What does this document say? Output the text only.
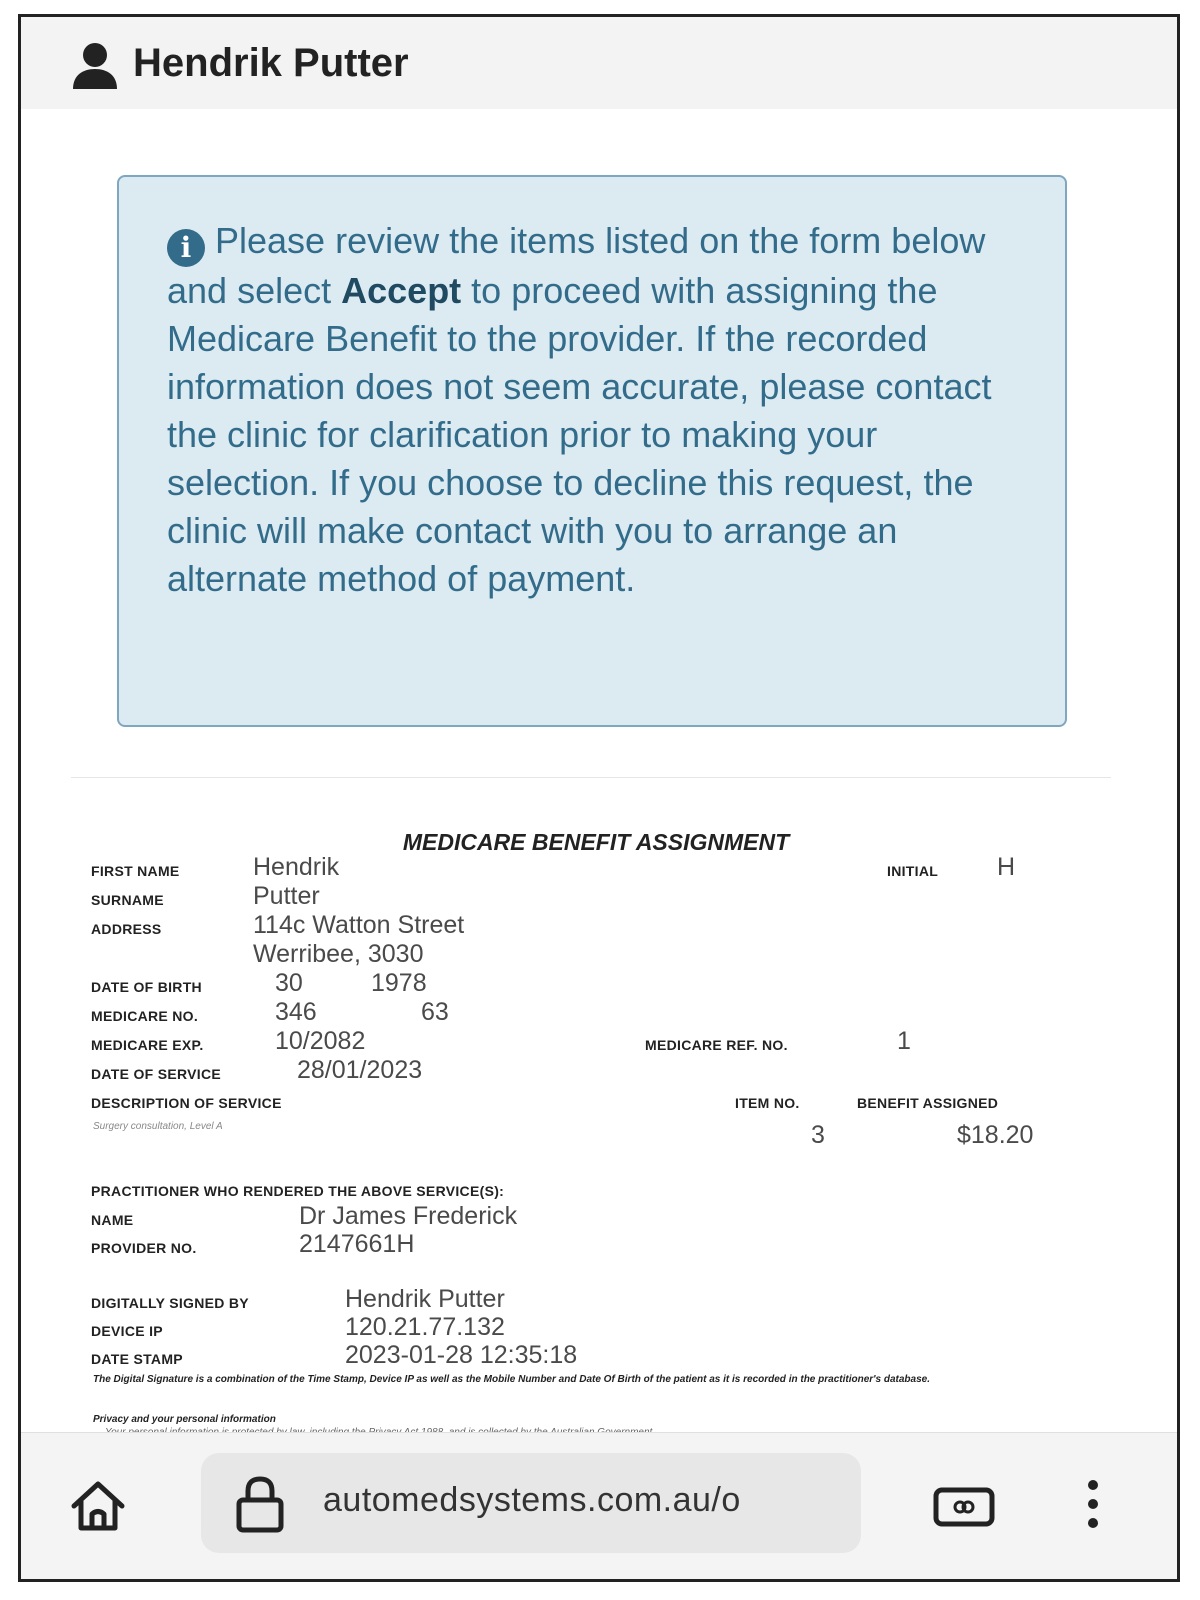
Hendrik Putter
i Please review the items listed on the form below and select Accept to proceed with assigning the Medicare Benefit to the provider. If the recorded information does not seem accurate, please contact the clinic for clarification prior to making your selection. If you choose to decline this request, the clinic will make contact with you to arrange an alternate method of payment.
MEDICARE BENEFIT ASSIGNMENT
FIRST NAME	Hendrik	INITIAL H
SURNAME	Putter
ADDRESS	114c Watton Street
Werribee, 3030
DATE OF BIRTH	30	1978
MEDICARE NO.	346	63
MEDICARE EXP.	10/2082	MEDICARE REF. NO.	1
DATE OF SERVICE	28/01/2023
DESCRIPTION OF SERVICE	ITEM NO.	BENEFIT ASSIGNED
Surgery consultation, Level A	3	$18.20
PRACTITIONER WHO RENDERED THE ABOVE SERVICE(S):
NAME	Dr James Frederick
PROVIDER NO.	2147661H
DIGITALLY SIGNED BY	Hendrik Putter
DEVICE IP	120.21.77.132
DATE STAMP	2023-01-28 12:35:18
The Digital Signature is a combination of the Time Stamp, Device IP as well as the Mobile Number and Date Of Birth of the patient as it is recorded in the practitioner's database.
Privacy and your personal information
automedsystems.com.au/o
